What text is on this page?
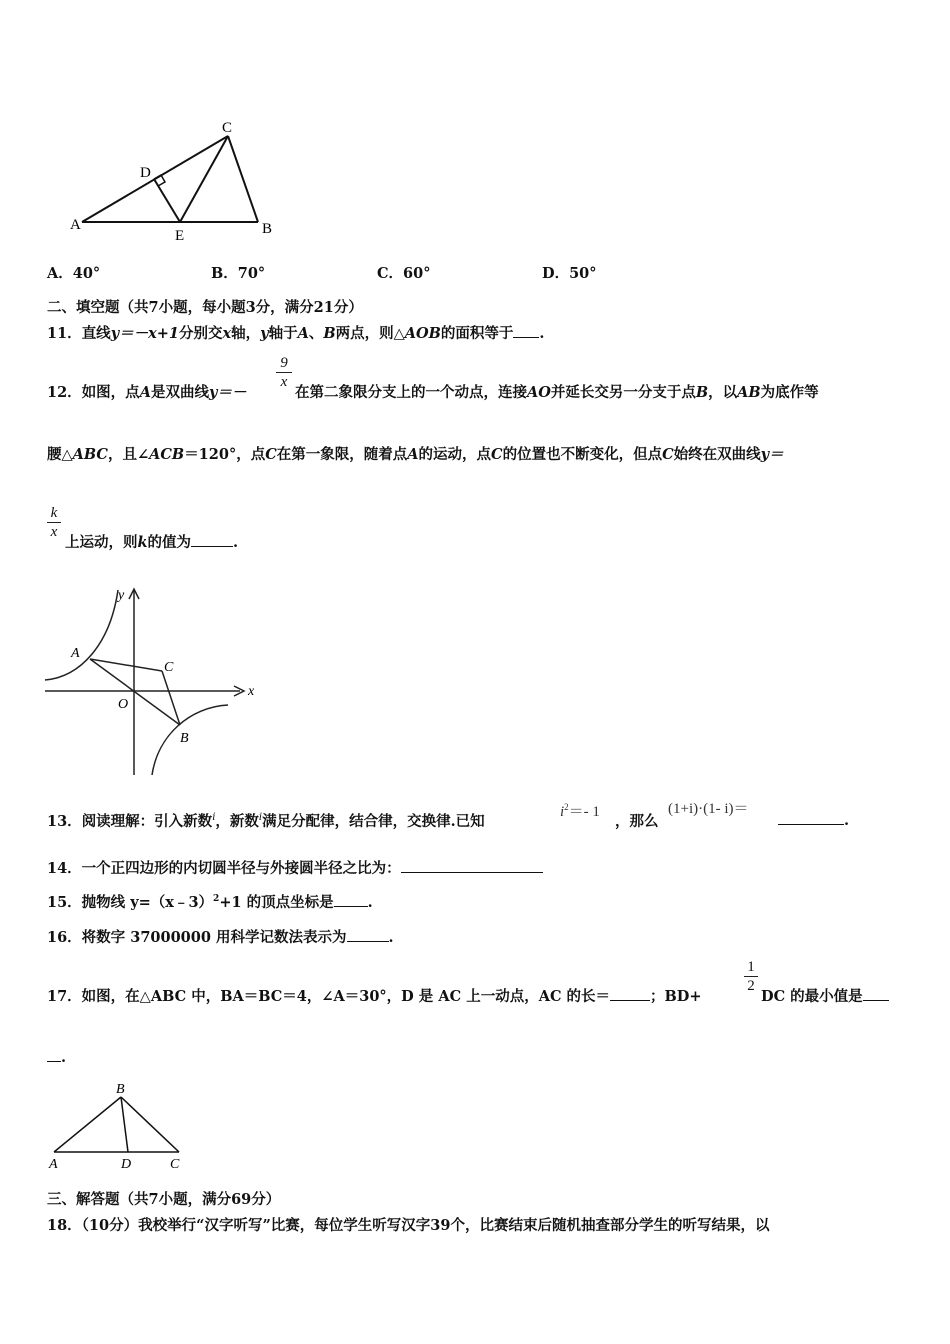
A	B
C
D
E
A．40°	B．70°	C．60°	D．50°
二、填空题（共7小题，每小题3分，满分21分）
11．直线y＝－x+1分别交x轴，y轴于A、B两点，则△AOB的面积等于 .
12．如图，点A是双曲线y＝－
9
x
在第二象限分支上的一个动点，连接AO并延长交另一分支于点B，以AB为底作等
腰△ABC，且∠ACB＝120°，点C在第一象限，随着点A的运动，点C的位置也不断变化，但点C始终在双曲线y＝
k
x
上运动，则k的值为	.
y
x
A
C
O
B
13．阅读理解：引入新数$^i$，新数$^i$满足分配律，结合律，交换律.已知
$i^2=-$ 1
，那么
(1+i)·(1- i)＝
.
14．一个正四边形的内切圆半径与外接圆半径之比为：
15．抛物线 y=（x﹣3）$^2$+1 的顶点坐标是 .
16．将数字 37000000 用科学记数法表示为	.
17．如图，在△ABC 中，BA＝BC＝4，∠A＝30°，D 是 AC 上一动点，AC 的长＝	；BD+
1
2
DC 的最小值是
.
B
A	D	C
三、解答题（共7小题，满分69分）
18．（10分）我校举行“汉字听写”比赛，每位学生听写汉字39个，比赛结束后随机抽查部分学生的听写结果，以
